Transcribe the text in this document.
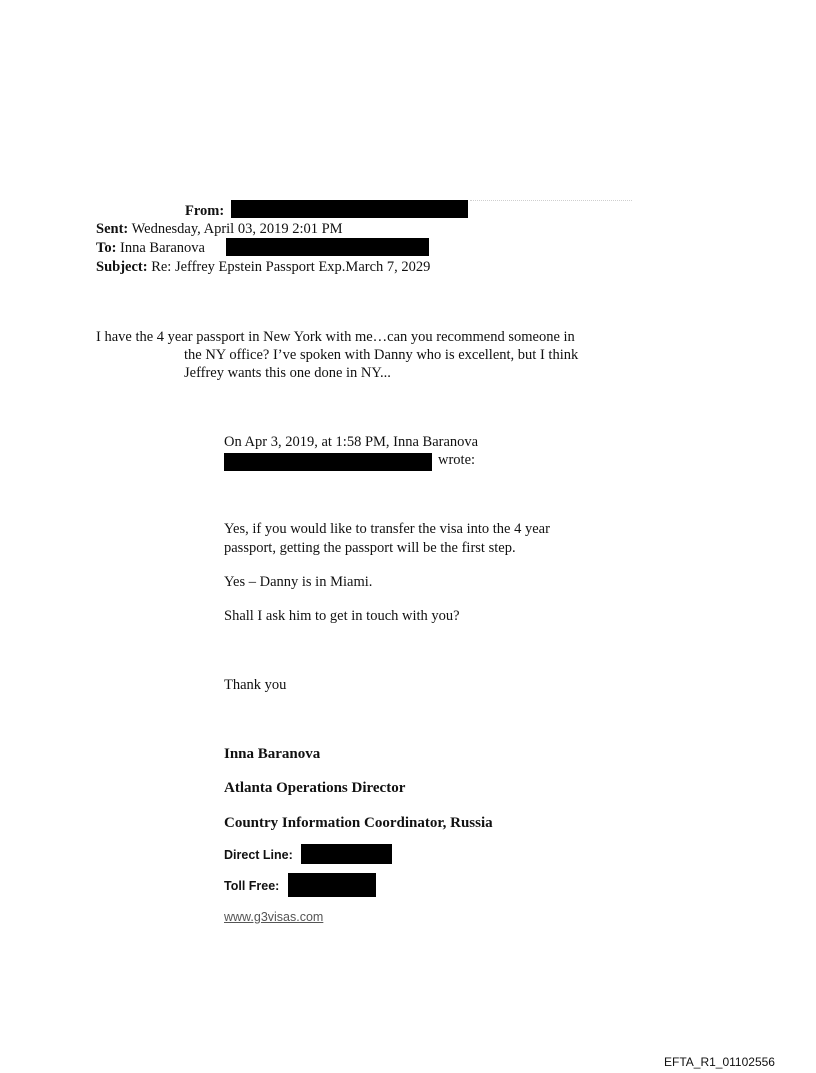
From:
Sent: Wednesday, April 03, 2019 2:01 PM
To: Inna Baranova
Subject: Re: Jeffrey Epstein Passport Exp.March 7, 2029
I have the 4 year passport in New York with me…can you recommend someone in
the NY office? I’ve spoken with Danny who is excellent, but I think
Jeffrey wants this one done in NY...
On Apr 3, 2019, at 1:58 PM, Inna Baranova
wrote:
Yes, if you would like to transfer the visa into the 4 year
passport, getting the passport will be the first step.
Yes – Danny is in Miami.
Shall I ask him to get in touch with you?
Thank you
Inna Baranova
Atlanta Operations Director
Country Information Coordinator, Russia
Direct Line:
Toll Free:
www.g3visas.com
EFTA_R1_01102556
